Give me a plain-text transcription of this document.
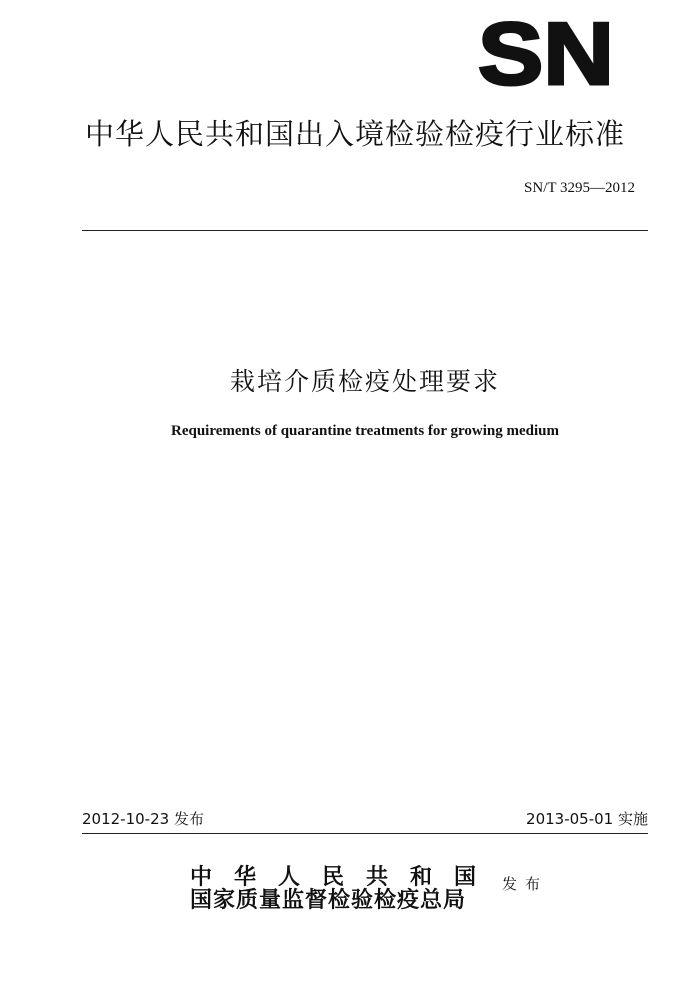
SN
中华人民共和国出入境检验检疫行业标准
SN/T 3295—2012
栽培介质检疫处理要求
Requirements of quarantine treatments for growing medium
2012-10-23 发布	2013-05-01 实施
中华人民共和国
国家质量监督检验检疫总局
发布
